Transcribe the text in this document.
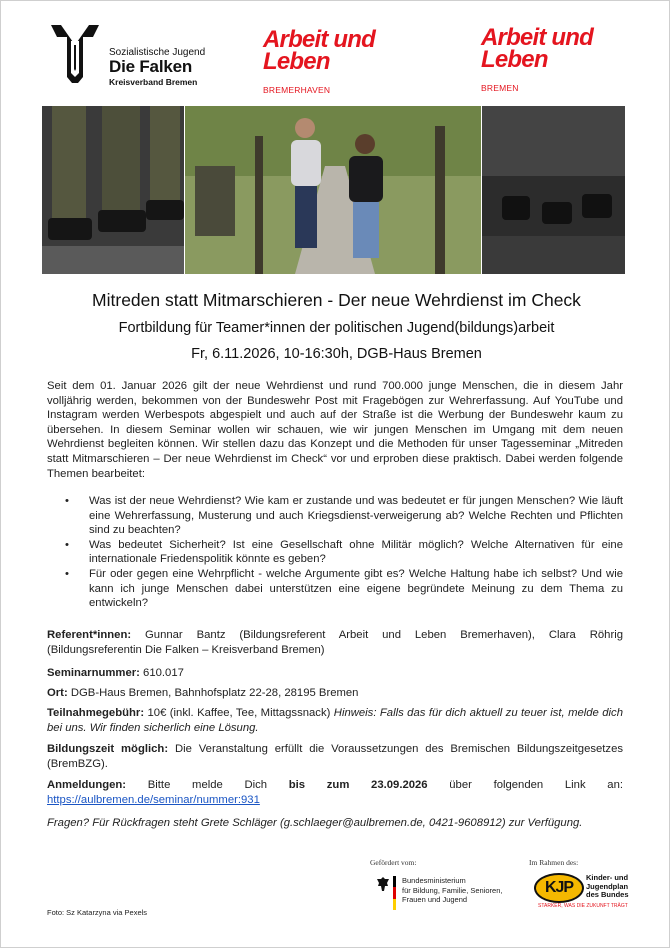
Sozialistische Jugend
Die Falken
Kreisverband Bremen
Arbeit und
Leben
BREMERHAVEN
Arbeit und
Leben
BREMEN
Mitreden statt Mitmarschieren - Der neue Wehrdienst im Check
Fortbildung für Teamer*innen der politischen Jugend(bildungs)arbeit
Fr, 6.11.2026, 10-16:30h, DGB-Haus Bremen
Seit dem 01. Januar 2026 gilt der neue Wehrdienst und rund 700.000 junge Menschen, die in diesem Jahr volljährig werden, bekommen von der Bundeswehr Post mit Fragebögen zur Wehrerfassung. Auf YouTube und Instagram werden Werbespots abgespielt und auch auf der Straße ist die Werbung der Bundeswehr kaum zu übersehen. In diesem Seminar wollen wir schauen, wie wir jungen Menschen im Umgang mit dem neuen Wehrdienst begleiten können. Wir stellen dazu das Konzept und die Methoden für unser Tagesseminar „Mitreden statt Mitmarschieren – Der neue Wehrdienst im Check“ vor und erproben diese praktisch. Dabei werden folgende Themen bearbeitet:
• Was ist der neue Wehrdienst? Wie kam er zustande und was bedeutet er für jungen Menschen? Wie läuft eine Wehrerfassung, Musterung und auch Kriegsdienst-verweigerung ab? Welche Rechten und Pflichten sind zu beachten?
• Was bedeutet Sicherheit? Ist eine Gesellschaft ohne Militär möglich? Welche Alternativen für eine internationale Friedenspolitik könnte es geben?
• Für oder gegen eine Wehrpflicht - welche Argumente gibt es? Welche Haltung habe ich selbst? Und wie kann ich junge Menschen dabei unterstützen eine eigene begründete Meinung zu dem Thema zu entwickeln?
Referent*innen: Gunnar Bantz (Bildungsreferent Arbeit und Leben Bremerhaven), Clara Röhrig (Bildungsreferentin Die Falken – Kreisverband Bremen)
Seminarnummer: 610.017
Ort: DGB-Haus Bremen, Bahnhofsplatz 22-28, 28195 Bremen
Teilnahmegebühr: 10€ (inkl. Kaffee, Tee, Mittagssnack) Hinweis: Falls das für dich aktuell zu teuer ist, melde dich bei uns. Wir finden sicherlich eine Lösung.
Bildungszeit möglich: Die Veranstaltung erfüllt die Voraussetzungen des Bremischen Bildungszeitgesetzes (BremBZG).
Anmeldungen: Bitte melde Dich bis zum 23.09.2026 über folgenden Link an:
https://aulbremen.de/seminar/nummer:931
Fragen? Für Rückfragen steht Grete Schläger (g.schlaeger@aulbremen.de, 0421-9608912) zur Verfügung.
Foto: Sz Katarzyna via Pexels
Gefördert vom:
Bundesministerium
für Bildung, Familie, Senioren,
Frauen und Jugend
Im Rahmen des:
KJP
Kinder- und
Jugendplan
des Bundes
STARKER, WAS DIE ZUKUNFT TRÄGT
